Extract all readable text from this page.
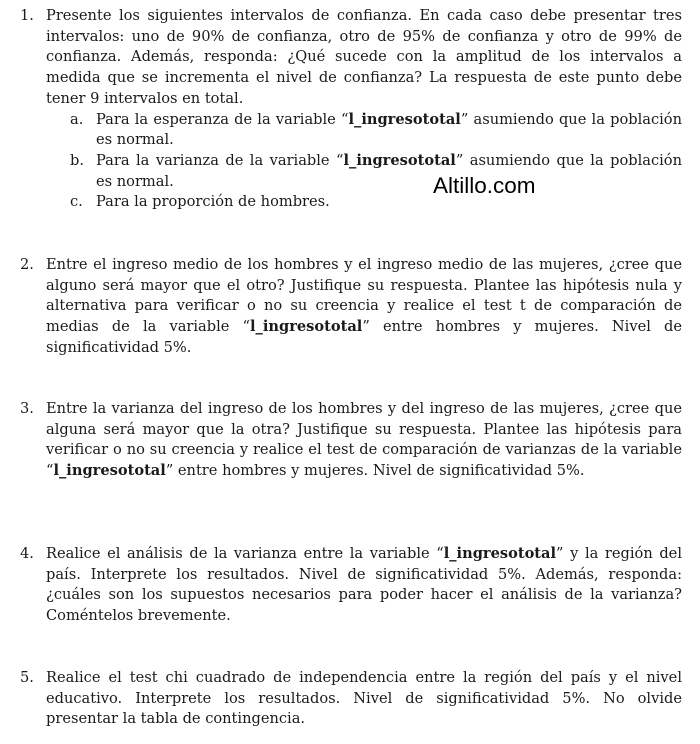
1. Presente los siguientes intervalos de confianza. En cada caso debe presentar tres intervalos: uno de 90% de confianza, otro de 95% de confianza y otro de 99% de confianza. Además, responda: ¿Qué sucede con la amplitud de los intervalos a medida que se incrementa el nivel de confianza? La respuesta de este punto debe tener 9 intervalos en total.
a. Para la esperanza de la variable “l_ingresototal” asumiendo que la población es normal.
b. Para la varianza de la variable “l_ingresototal” asumiendo que la población es normal.
c. Para la proporción de hombres.
Altillo.com
2. Entre el ingreso medio de los hombres y el ingreso medio de las mujeres, ¿cree que alguno será mayor que el otro? Justifique su respuesta. Plantee las hipótesis nula y alternativa para verificar o no su creencia y realice el test t de comparación de medias de la variable “l_ingresototal” entre hombres y mujeres. Nivel de significatividad 5%.
3. Entre la varianza del ingreso de los hombres y del ingreso de las mujeres, ¿cree que alguna será mayor que la otra? Justifique su respuesta. Plantee las hipótesis para verificar o no su creencia y realice el test de comparación de varianzas de la variable “l_ingresototal” entre hombres y mujeres. Nivel de significatividad 5%.
4. Realice el análisis de la varianza entre la variable “l_ingresototal” y la región del país. Interprete los resultados. Nivel de significatividad 5%. Además, responda: ¿cuáles son los supuestos necesarios para poder hacer el análisis de la varianza? Coméntelos brevemente.
5. Realice el test chi cuadrado de independencia entre la región del país y el nivel educativo. Interprete los resultados. Nivel de significatividad 5%. No olvide presentar la tabla de contingencia.
